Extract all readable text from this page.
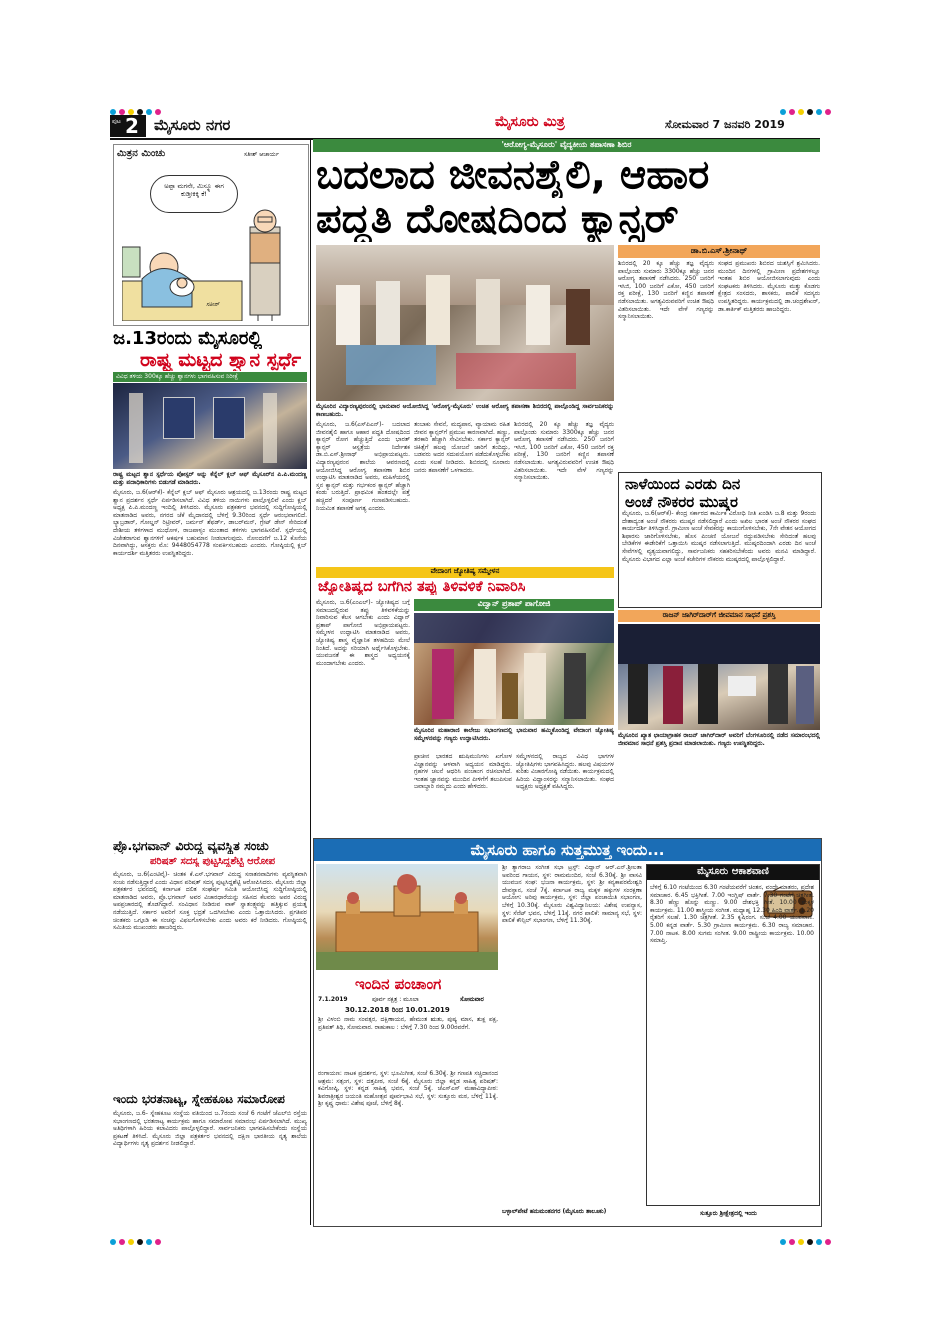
ಪುಟ 2 ಮೈಸೂರು ನಗರ	ಮೈಸೂರು ಮಿತ್ರ	ಸೋಮವಾರ 7 ಜನವರಿ 2019
ಮಿತ್ರನ ಮಿಂಚು	ಸತೀಶ್ ಆಚಾರ್ಯ
ಅಪ್ಪಾ ಮಗನೇ, ಮಿಸ್ಕ್ಯೂ ಈಗ ಕುಡ್ತೀಕಿಕ್ಕಿ ಕೆ!
ಸತೀಶ್
ಜ.13ರಂದು ಮೈಸೂರಲ್ಲಿ
ರಾಷ್ಟ್ರ ಮಟ್ಟದ ಶ್ವಾನ ಸ್ಪರ್ಧೆ
ವಿವಿಧ ತಳಿಯ 300ಕ್ಕೂ ಹೆಚ್ಚು ಶ್ವಾನಗಳು ಭಾಗವಹಿಸುವ ನಿರೀಕ್ಷೆ
ರಾಷ್ಟ್ರ ಮಟ್ಟದ ಶ್ವಾನ ಸ್ಪರ್ಧೆಯ ಪೋಸ್ಟರ್ ಅನ್ನು ಕೆನ್ನೆಲ್ ಕ್ಲಬ್ ಆಫ್ ಮೈಸೂರ್‌ನ ಪಿ.ಪಿ.ಮಂದಣ್ಣ ಮತ್ತು ಪದಾಧಿಕಾರಿಗಳು ಬಿಡುಗಡೆ ಮಾಡಿದರು.
ಮೈಸೂರು, ಜ.6(ಆರ್‌ಕೆ)- ಕೆನ್ನೆಲ್ ಕ್ಲಬ್ ಆಫ್ ಮೈಸೂರು ಆಶ್ರಯದಲ್ಲಿ ಜ.13ರಂದು ರಾಷ್ಟ್ರ ಮಟ್ಟದ ಶ್ವಾನ ಪ್ರದರ್ಶನ ಸ್ಪರ್ಧೆ ಏರ್ಪಡಿಸಲಾಗಿದೆ. ವಿವಿಧ ತಳಿಯ ನಾಯಿಗಳು ಪಾಲ್ಗೊಳ್ಳಲಿವೆ ಎಂದು ಕ್ಲಬ್ ಅಧ್ಯಕ್ಷ ಪಿ.ಪಿ.ಮಂದಣ್ಣ ಇಂದಿಲ್ಲಿ ತಿಳಿಸಿದರು. ಮೈಸೂರು ಪತ್ರಕರ್ತರ ಭವನದಲ್ಲಿ ಸುದ್ದಿಗೋಷ್ಠಿಯಲ್ಲಿ ಮಾತನಾಡಿದ ಅವರು, ನಗರದ ಜೆಕೆ ಮೈದಾನದಲ್ಲಿ ಬೆಳಿಗ್ಗೆ 9.30ರಿಂದ ಸ್ಪರ್ಧೆ ಆರಂಭವಾಗಲಿದೆ. ಲ್ಯಾಬ್ರಡಾರ್, ಗೋಲ್ಡನ್ ರಿಟ್ರೀವರ್, ಜರ್ಮನ್ ಶೆಫರ್ಡ್, ಡಾಬರ್‌ಮನ್, ಗ್ರೇಟ್ ಡೇನ್ ಸೇರಿದಂತೆ ದೇಶೀಯ ತಳಿಗಳಾದ ಮುಧೋಳ, ರಾಜಪಾಳ್ಯಂ ಮುಂತಾದ ತಳಿಗಳು ಭಾಗವಹಿಸಲಿವೆ. ಸ್ಪರ್ಧೆಯಲ್ಲಿ ವಿಜೇತರಾಗುವ ಶ್ವಾನಗಳಿಗೆ ಆಕರ್ಷಕ ಬಹುಮಾನ ನೀಡಲಾಗುವುದು. ನೋಂದಣಿಗೆ ಜ.12 ಕೊನೆಯ ದಿನವಾಗಿದ್ದು, ಆಸಕ್ತರು ಮೊ: 9448054778 ಸಂಪರ್ಕಿಸಬಹುದು ಎಂದರು. ಗೋಷ್ಠಿಯಲ್ಲಿ ಕ್ಲಬ್ ಕಾರ್ಯದರ್ಶಿ ಮತ್ತಿತರರು ಉಪಸ್ಥಿತರಿದ್ದರು.
ಪ್ರೊ.ಭಗವಾನ್ ವಿರುದ್ಧ ವ್ಯವಸ್ಥಿತ ಸಂಚು
ಪರಿಷತ್ ಸದಸ್ಯ ಪುಟ್ಟಸಿದ್ದಶೆಟ್ಟಿ ಆರೋಪ
ಮೈಸೂರು, ಜ.6(ಎಂಟಿವೈ)- ಚಿಂತಕ ಕೆ.ಎಸ್.ಭಗವಾನ್ ವಿರುದ್ಧ ಸನಾತನವಾದಿಗಳು ವ್ಯವಸ್ಥಿತವಾಗಿ ಸಂಚು ನಡೆಸುತ್ತಿದ್ದಾರೆ ಎಂದು ವಿಧಾನ ಪರಿಷತ್ ಸದಸ್ಯ ಪುಟ್ಟಸಿದ್ದಶೆಟ್ಟಿ ಆರೋಪಿಸಿದರು. ಮೈಸೂರು ಜಿಲ್ಲಾ ಪತ್ರಕರ್ತರ ಭವನದಲ್ಲಿ ಕರ್ನಾಟಕ ದಲಿತ ಸಂಘರ್ಷ ಸಮಿತಿ ಆಯೋಜಿಸಿದ್ದ ಸುದ್ದಿಗೋಷ್ಠಿಯಲ್ಲಿ ಮಾತನಾಡಿದ ಅವರು, ಪ್ರೊ.ಭಗವಾನ್ ಅವರ ವಿಚಾರಧಾರೆಯನ್ನು ಸಹಿಸದ ಕೆಲವರು ಅವರ ವಿರುದ್ಧ ಅಪಪ್ರಚಾರದಲ್ಲಿ ತೊಡಗಿದ್ದಾರೆ. ಸಂವಿಧಾನ ನೀಡಿರುವ ವಾಕ್ ಸ್ವಾತಂತ್ರ್ಯವನ್ನು ಹತ್ತಿಕ್ಕುವ ಪ್ರಯತ್ನ ನಡೆಯುತ್ತಿದೆ. ಸರ್ಕಾರ ಅವರಿಗೆ ಸೂಕ್ತ ಭದ್ರತೆ ಒದಗಿಸಬೇಕು ಎಂದು ಒತ್ತಾಯಿಸಿದರು. ಪ್ರಗತಿಪರ ಚಿಂತಕರು ಒಗ್ಗೂಡಿ ಈ ಸಂಚನ್ನು ವಿಫಲಗೊಳಿಸಬೇಕು ಎಂದು ಅವರು ಕರೆ ನೀಡಿದರು. ಗೋಷ್ಠಿಯಲ್ಲಿ ಸಮಿತಿಯ ಮುಖಂಡರು ಹಾಜರಿದ್ದರು.
ಇಂದು ಭರತನಾಟ್ಯ, ಸ್ನೇಹಕೂಟ ಸಮಾರೋಪ
ಮೈಸೂರು, ಜ.6- ಸ್ನೇಹಕೂಟ ಸಂಸ್ಥೆಯ ವತಿಯಿಂದ ಜ.7ರಂದು ಸಂಜೆ 6 ಗಂಟೆಗೆ ಜೆಎಲ್‌ಬಿ ರಸ್ತೆಯ ಸಭಾಂಗಣದಲ್ಲಿ ಭರತನಾಟ್ಯ ಕಾರ್ಯಕ್ರಮ ಹಾಗೂ ಸಮಾರೋಪ ಸಮಾರಂಭ ಏರ್ಪಡಿಸಲಾಗಿದೆ. ಮುಖ್ಯ ಅತಿಥಿಗಳಾಗಿ ಹಿರಿಯ ಕಲಾವಿದರು ಪಾಲ್ಗೊಳ್ಳಲಿದ್ದಾರೆ. ಸಾರ್ವಜನಿಕರು ಭಾಗವಹಿಸಬೇಕೆಂದು ಸಂಸ್ಥೆಯ ಪ್ರಕಟಣೆ ತಿಳಿಸಿದೆ. ಮೈಸೂರು ಜಿಲ್ಲಾ ಪತ್ರಕರ್ತರ ಭವನದಲ್ಲಿ ದಕ್ಷಿಣ ಭಾರತೀಯ ನೃತ್ಯ ಶಾಲೆಯ ವಿದ್ಯಾರ್ಥಿಗಳು ನೃತ್ಯ ಪ್ರದರ್ಶನ ನೀಡಲಿದ್ದಾರೆ.
'ಆರೋಗ್ಯ-ಮೈಸೂರು' ವೈದ್ಯಕೀಯ ತಪಾಸಣಾ ಶಿಬಿರ
ಬದಲಾದ ಜೀವನಶೈಲಿ, ಆಹಾರ
ಪದ್ಧತಿ ದೋಷದಿಂದ ಕ್ಯಾನ್ಸರ್
ಡಾ.ಬಿ.ಎಸ್.ಶ್ರೀನಾಥ್
ಶಿಬಿರದಲ್ಲಿ 20 ಕ್ಕೂ ಹೆಚ್ಚು ತಜ್ಞ ವೈದ್ಯರು ಪಾಲ್ಗೊಂಡು ಸುಮಾರು 3300ಕ್ಕೂ ಹೆಚ್ಚು ಜನರ ಆರೋಗ್ಯ ತಪಾಸಣೆ ನಡೆಸಿದರು. 250 ಜನರಿಗೆ ಇಸಿಜಿ, 100 ಜನರಿಗೆ ಎಕೋ, 450 ಜನರಿಗೆ ರಕ್ತ ಪರೀಕ್ಷೆ, 130 ಜನರಿಗೆ ಕಣ್ಣಿನ ತಪಾಸಣೆ ನಡೆಸಲಾಯಿತು. ಅಗತ್ಯವಿರುವವರಿಗೆ ಉಚಿತ ಔಷಧಿ ವಿತರಿಸಲಾಯಿತು. ಇದೇ ವೇಳೆ ಗಣ್ಯರನ್ನು ಸನ್ಮಾನಿಸಲಾಯಿತು.
ಸಂಘದ ಪ್ರಮುಖರು ಶಿಬಿರದ ಯಶಸ್ಸಿಗೆ ಶ್ರಮಿಸಿದರು. ಮುಂದಿನ ದಿನಗಳಲ್ಲಿ ಗ್ರಾಮೀಣ ಪ್ರದೇಶಗಳಲ್ಲೂ ಇಂತಹ ಶಿಬಿರ ಆಯೋಜಿಸಲಾಗುವುದು ಎಂದು ಸಂಘಟಕರು ತಿಳಿಸಿದರು. ಮೈಸೂರು ಮತ್ತು ಕೊಡಗು ಕ್ಷೇತ್ರದ ಸಂಸದರು, ಶಾಸಕರು, ಪಾಲಿಕೆ ಸದಸ್ಯರು ಉಪಸ್ಥಿತರಿದ್ದರು. ಕಾರ್ಯಕ್ರಮದಲ್ಲಿ ಡಾ.ಚಂದ್ರಶೇಖರ್, ಡಾ.ಕಾರ್ತಿಕ್ ಮತ್ತಿತರರು ಹಾಜರಿದ್ದರು.
ಮೈಸೂರಿನ ವಿದ್ಯಾರಣ್ಯಪುರಂನಲ್ಲಿ ಭಾನುವಾರ ಆಯೋಜಿಸಿದ್ದ 'ಆರೋಗ್ಯ-ಮೈಸೂರು' ಉಚಿತ ಆರೋಗ್ಯ ತಪಾಸಣಾ ಶಿಬಿರದಲ್ಲಿ ಪಾಲ್ಗೊಂಡಿದ್ದ ಸಾರ್ವಜನಿಕರನ್ನು ಕಾಣಬಹುದು.
ಮೈಸೂರು, ಜ.6(ಎಸ್‌ಪಿಎನ್)- ಬದಲಾದ ಜೀವನಶೈಲಿ ಹಾಗೂ ಆಹಾರ ಪದ್ಧತಿ ದೋಷದಿಂದ ಕ್ಯಾನ್ಸರ್ ರೋಗ ಹೆಚ್ಚುತ್ತಿದೆ ಎಂದು ಭಾರತ್ ಕ್ಯಾನ್ಸರ್ ಆಸ್ಪತ್ರೆಯ ನಿರ್ದೇಶಕ ಡಾ.ಬಿ.ಎಸ್.ಶ್ರೀನಾಥ್ ಅಭಿಪ್ರಾಯಪಟ್ಟರು. ವಿದ್ಯಾರಣ್ಯಪುರಂನ ಶಾಲೆಯ ಆವರಣದಲ್ಲಿ ಆಯೋಜಿಸಿದ್ದ ಆರೋಗ್ಯ ತಪಾಸಣಾ ಶಿಬಿರ ಉದ್ಘಾಟಿಸಿ ಮಾತನಾಡಿದ ಅವರು, ಮಹಿಳೆಯರಲ್ಲಿ ಸ್ತನ ಕ್ಯಾನ್ಸರ್ ಮತ್ತು ಗರ್ಭಕಂಠ ಕ್ಯಾನ್ಸರ್ ಹೆಚ್ಚಾಗಿ ಕಂಡು ಬರುತ್ತಿದೆ. ಪ್ರಾಥಮಿಕ ಹಂತದಲ್ಲೇ ಪತ್ತೆ ಹಚ್ಚಿದರೆ ಸಂಪೂರ್ಣ ಗುಣಪಡಿಸಬಹುದು. ನಿಯಮಿತ ತಪಾಸಣೆ ಅಗತ್ಯ ಎಂದರು.
ತಂಬಾಕು ಸೇವನೆ, ಮದ್ಯಪಾನ, ವ್ಯಾಯಾಮ ರಹಿತ ಜೀವನ ಕ್ಯಾನ್ಸರ್‌ಗೆ ಪ್ರಮುಖ ಕಾರಣವಾಗಿದೆ. ಹಣ್ಣು, ತರಕಾರಿ ಹೆಚ್ಚಾಗಿ ಸೇವಿಸಬೇಕು. ಸರ್ಕಾರ ಕ್ಯಾನ್ಸರ್ ಚಿಕಿತ್ಸೆಗೆ ಹಲವು ಯೋಜನೆ ಜಾರಿಗೆ ತಂದಿದ್ದು, ಬಡವರು ಅದರ ಸದುಪಯೋಗ ಪಡೆದುಕೊಳ್ಳಬೇಕು ಎಂದು ಸಲಹೆ ನೀಡಿದರು. ಶಿಬಿರದಲ್ಲಿ ನೂರಾರು ಜನರು ತಪಾಸಣೆಗೆ ಒಳಗಾದರು.
ಶಿಬಿರದಲ್ಲಿ 20 ಕ್ಕೂ ಹೆಚ್ಚು ತಜ್ಞ ವೈದ್ಯರು ಪಾಲ್ಗೊಂಡು ಸುಮಾರು 3300ಕ್ಕೂ ಹೆಚ್ಚು ಜನರ ಆರೋಗ್ಯ ತಪಾಸಣೆ ನಡೆಸಿದರು. 250 ಜನರಿಗೆ ಇಸಿಜಿ, 100 ಜನರಿಗೆ ಎಕೋ, 450 ಜನರಿಗೆ ರಕ್ತ ಪರೀಕ್ಷೆ, 130 ಜನರಿಗೆ ಕಣ್ಣಿನ ತಪಾಸಣೆ ನಡೆಸಲಾಯಿತು. ಅಗತ್ಯವಿರುವವರಿಗೆ ಉಚಿತ ಔಷಧಿ ವಿತರಿಸಲಾಯಿತು. ಇದೇ ವೇಳೆ ಗಣ್ಯರನ್ನು ಸನ್ಮಾನಿಸಲಾಯಿತು.
ವೇದಾಂಗ ಜ್ಯೋತಿಷ್ಯ ಸಮ್ಮೇಳನ
ಜ್ಯೋತಿಷ್ಯದ ಬಗೆಗಿನ ತಪ್ಪು ತಿಳಿವಳಿಕೆ ನಿವಾರಿಸಿ
ಮೈಸೂರು, ಜ.6(ಎಂಎಲ್)- ಜ್ಯೋತಿಷ್ಯದ ಬಗ್ಗೆ ಸಮಾಜದಲ್ಲಿರುವ ತಪ್ಪು ತಿಳಿವಳಿಕೆಯನ್ನು ನಿವಾರಿಸುವ ಕೆಲಸ ಆಗಬೇಕು ಎಂದು ವಿದ್ವಾನ್ ಪ್ರತಾಪ್ ಪಾಗೋಜಿ ಅಭಿಪ್ರಾಯಪಟ್ಟರು. ಸಮ್ಮೇಳನ ಉದ್ಘಾಟಿಸಿ ಮಾತನಾಡಿದ ಅವರು, ಜ್ಯೋತಿಷ್ಯ ಶಾಸ್ತ್ರ ವೈಜ್ಞಾನಿಕ ತಳಹದಿಯ ಮೇಲೆ ನಿಂತಿದೆ. ಅದನ್ನು ಸರಿಯಾಗಿ ಅರ್ಥೈಸಿಕೊಳ್ಳಬೇಕು. ಯುವಜನತೆ ಈ ಶಾಸ್ತ್ರದ ಅಧ್ಯಯನಕ್ಕೆ ಮುಂದಾಗಬೇಕು ಎಂದರು.
ವಿದ್ವಾನ್ ಪ್ರತಾಪ್ ಪಾಗೋಜಿ
ಮೈಸೂರಿನ ಮಹಾರಾಣಿ ಕಾಲೇಜು ಸಭಾಂಗಣದಲ್ಲಿ ಭಾನುವಾರ ಹಮ್ಮಿಕೊಂಡಿದ್ದ ವೇದಾಂಗ ಜ್ಯೋತಿಷ್ಯ ಸಮ್ಮೇಳನವನ್ನು ಗಣ್ಯರು ಉದ್ಘಾಟಿಸಿದರು.
ಪ್ರಾಚೀನ ಭಾರತದ ಋಷಿಮುನಿಗಳು ಖಗೋಳ ವಿಜ್ಞಾನವನ್ನು ಆಳವಾಗಿ ಅಧ್ಯಯನ ಮಾಡಿದ್ದರು. ಗ್ರಹಗಳ ಚಲನೆ ಆಧರಿಸಿ ಪಂಚಾಂಗ ರಚಿಸಲಾಗಿದೆ. ಇಂತಹ ಜ್ಞಾನವನ್ನು ಮುಂದಿನ ಪೀಳಿಗೆಗೆ ತಲುಪಿಸುವ ಜವಾಬ್ದಾರಿ ನಮ್ಮದು ಎಂದು ಹೇಳಿದರು.
ಸಮ್ಮೇಳನದಲ್ಲಿ ರಾಜ್ಯದ ವಿವಿಧ ಭಾಗಗಳ ಜ್ಯೋತಿಷಿಗಳು ಭಾಗವಹಿಸಿದ್ದರು. ಹಲವು ವಿಷಯಗಳ ಕುರಿತು ವಿಚಾರಗೋಷ್ಠಿ ನಡೆಯಿತು. ಕಾರ್ಯಕ್ರಮದಲ್ಲಿ ಹಿರಿಯ ವಿದ್ವಾಂಸರನ್ನು ಸನ್ಮಾನಿಸಲಾಯಿತು. ಸಂಘದ ಅಧ್ಯಕ್ಷರು ಅಧ್ಯಕ್ಷತೆ ವಹಿಸಿದ್ದರು.
ನಾಳೆಯಿಂದ ಎರಡು ದಿನ
ಅಂಚೆ ನೌಕರರ ಮುಷ್ಕರ
ಮೈಸೂರು, ಜ.6(ಆರ್‌ಕೆ)- ಕೇಂದ್ರ ಸರ್ಕಾರದ ಕಾರ್ಮಿಕ ವಿರೋಧಿ ನೀತಿ ಖಂಡಿಸಿ ಜ.8 ಮತ್ತು 9ರಂದು ದೇಶಾದ್ಯಂತ ಅಂಚೆ ನೌಕರರು ಮುಷ್ಕರ ನಡೆಸಲಿದ್ದಾರೆ ಎಂದು ಅಖಿಲ ಭಾರತ ಅಂಚೆ ನೌಕರರ ಸಂಘದ ಕಾರ್ಯದರ್ಶಿ ತಿಳಿಸಿದ್ದಾರೆ. ಗ್ರಾಮೀಣ ಅಂಚೆ ಸೇವಕರನ್ನು ಕಾಯಂಗೊಳಿಸಬೇಕು, 7ನೇ ವೇತನ ಆಯೋಗದ ಶಿಫಾರಸು ಜಾರಿಗೊಳಿಸಬೇಕು, ಹೊಸ ಪಿಂಚಣಿ ಯೋಜನೆ ರದ್ದುಪಡಿಸಬೇಕು ಸೇರಿದಂತೆ ಹಲವು ಬೇಡಿಕೆಗಳ ಈಡೇರಿಕೆಗೆ ಒತ್ತಾಯಿಸಿ ಮುಷ್ಕರ ನಡೆಸಲಾಗುತ್ತಿದೆ. ಮುಷ್ಕರದಿಂದಾಗಿ ಎರಡು ದಿನ ಅಂಚೆ ಸೇವೆಗಳಲ್ಲಿ ವ್ಯತ್ಯಯವಾಗಲಿದ್ದು, ಸಾರ್ವಜನಿಕರು ಸಹಕರಿಸಬೇಕೆಂದು ಅವರು ಮನವಿ ಮಾಡಿದ್ದಾರೆ. ಮೈಸೂರು ವಿಭಾಗದ ಎಲ್ಲಾ ಅಂಚೆ ಕಚೇರಿಗಳ ನೌಕರರು ಮುಷ್ಕರದಲ್ಲಿ ಪಾಲ್ಗೊಳ್ಳಲಿದ್ದಾರೆ.
ರಾಜನ್ ಜಾಗಿರ್‌ದಾರ್‌ಗೆ ಜೀವಮಾನ ಸಾಧನೆ ಪ್ರಶಸ್ತಿ
ಮೈಸೂರಿನ ಖ್ಯಾತ ಛಾಯಾಗ್ರಾಹಕ ರಾಜನ್ ಜಾಗಿರ್‌ದಾರ್ ಅವರಿಗೆ ಬೆಂಗಳೂರಿನಲ್ಲಿ ನಡೆದ ಸಮಾರಂಭದಲ್ಲಿ ಜೀವಮಾನ ಸಾಧನೆ ಪ್ರಶಸ್ತಿ ಪ್ರದಾನ ಮಾಡಲಾಯಿತು. ಗಣ್ಯರು ಉಪಸ್ಥಿತರಿದ್ದರು.
ಮೈಸೂರು ಹಾಗೂ ಸುತ್ತಮುತ್ತ ಇಂದು...
ಇಂದಿನ ಪಂಚಾಂಗ
7.1.2019	ಸೋಮವಾರ
ಪೂರ್ವ ನಕ್ಷತ್ರ : ಮೂಲಾ
30.12.2018 ರಿಂದ 10.01.2019
ಶ್ರೀ ವಿಳಂಬಿ ನಾಮ ಸಂವತ್ಸರ, ದಕ್ಷಿಣಾಯನ, ಹೇಮಂತ ಋತು, ಪುಷ್ಯ ಮಾಸ, ಶುಕ್ಲ ಪಕ್ಷ, ಪ್ರತಿಪತ್ ತಿಥಿ, ಸೋಮವಾರ. ರಾಹುಕಾಲ : ಬೆಳಿಗ್ಗೆ 7.30 ರಿಂದ 9.00ರವರೆಗೆ.
ರಂಗಾಯಣ: ನಾಟಕ ಪ್ರದರ್ಶನ, ಸ್ಥಳ: ಭೂಮಿಗೀತ, ಸಂಜೆ 6.30ಕ್ಕೆ. ಶ್ರೀ ಗಣಪತಿ ಸಚ್ಚಿದಾನಂದ ಆಶ್ರಮ: ಸತ್ಸಂಗ, ಸ್ಥಳ: ದತ್ತಪೀಠ, ಸಂಜೆ 6ಕ್ಕೆ. ಮೈಸೂರು ಜಿಲ್ಲಾ ಕನ್ನಡ ಸಾಹಿತ್ಯ ಪರಿಷತ್: ಕವಿಗೋಷ್ಠಿ, ಸ್ಥಳ: ಕನ್ನಡ ಸಾಹಿತ್ಯ ಭವನ, ಸಂಜೆ 5ಕ್ಕೆ. ಜೆಎಸ್‌ಎಸ್ ಮಹಾವಿದ್ಯಾಪೀಠ: ಶಿವರಾತ್ರೀಶ್ವರ ಜಯಂತಿ ಮಹೋತ್ಸವ ಪೂರ್ವಭಾವಿ ಸಭೆ, ಸ್ಥಳ: ಸುತ್ತೂರು ಮಠ, ಬೆಳಿಗ್ಗೆ 11ಕ್ಕೆ. ಶ್ರೀ ಕೃಷ್ಣ ಧಾಮ: ವಿಶೇಷ ಪೂಜೆ, ಬೆಳಿಗ್ಗೆ 8ಕ್ಕೆ.
ಶ್ರೀ ತ್ಯಾಗರಾಜ ಸಂಗೀತ ಸಭಾ ಟ್ರಸ್ಟ್: ವಿದ್ವಾನ್ ಆರ್.ಎನ್.ಶ್ರೀಲತಾ ಅವರಿಂದ ಗಾಯನ, ಸ್ಥಳ: ರಾಮಮಂದಿರ, ಸಂಜೆ 6.30ಕ್ಕೆ. ಶ್ರೀ ವಾಸವಿ ಯುವಜನ ಸಂಘ: ಭಜನಾ ಕಾರ್ಯಕ್ರಮ, ಸ್ಥಳ: ಶ್ರೀ ಕನ್ಯಕಾಪರಮೇಶ್ವರಿ ದೇವಸ್ಥಾನ, ಸಂಜೆ 7ಕ್ಕೆ. ಕರ್ನಾಟಕ ರಾಜ್ಯ ಮಕ್ಕಳ ಹಕ್ಕುಗಳ ಸಂರಕ್ಷಣಾ ಆಯೋಗ: ಅರಿವು ಕಾರ್ಯಕ್ರಮ, ಸ್ಥಳ: ಜಿಲ್ಲಾ ಪಂಚಾಯಿತಿ ಸಭಾಂಗಣ, ಬೆಳಿಗ್ಗೆ 10.30ಕ್ಕೆ. ಮೈಸೂರು ವಿಶ್ವವಿದ್ಯಾನಿಲಯ: ವಿಶೇಷ ಉಪನ್ಯಾಸ, ಸ್ಥಳ: ಸೆನೆಟ್ ಭವನ, ಬೆಳಿಗ್ಗೆ 11ಕ್ಕೆ. ನಗರ ಪಾಲಿಕೆ: ಸಾಮಾನ್ಯ ಸಭೆ, ಸ್ಥಳ: ಪಾಲಿಕೆ ಕೌನ್ಸಿಲ್ ಸಭಾಂಗಣ, ಬೆಳಿಗ್ಗೆ 11.30ಕ್ಕೆ.
ಬಳ್ಳಾಲ್‌ಪೇಟೆ ಹನುಮಂತನಗರ (ಮೈಸೂರು ತಾಲೂಕು)
ಮೈಸೂರು ಆಕಾಶವಾಣಿ
ಬೆಳಿಗ್ಗೆ 6.10 ಗಂಟೆಯಿಂದ 6.30 ಗಂಟೆಯವರೆಗೆ ಚಿಂತನ, ವಂದೇ ಮಾತರಂ, ಪ್ರದೇಶ ಸಮಾಚಾರ. 6.45 ಭಕ್ತಿಗೀತೆ. 7.00 ಇಂಗ್ಲಿಷ್ ವಾರ್ತೆ. 7.30 ಗಂಟೆಗೆ ಚಿತ್ರಗೀತೆ. 8.30 ಹೆಣ್ಣು ಹೊನ್ನು ಮಣ್ಣು. 9.00 ದೇಶಭಕ್ತಿ ಗೀತೆ. 10.00 ಮಕ್ಕಳ ಕಾರ್ಯಕ್ರಮ. 11.00 ಶಾಸ್ತ್ರೀಯ ಸಂಗೀತ. ಮಧ್ಯಾಹ್ನ 12.30 ಹಿಂದಿ ವಾರ್ತೆ. 1.20 ರೈತರಿಗೆ ಸಲಹೆ. 1.30 ಚಿತ್ರಗೀತೆ. 2.35 ಕೃಷಿರಂಗ. ಸಂಜೆ 4.00 ಯುವವಾಣಿ. 5.00 ಕನ್ನಡ ವಾರ್ತೆ. 5.30 ಗ್ರಾಮೀಣ ಕಾರ್ಯಕ್ರಮ. 6.30 ರಾಜ್ಯ ಸಮಾಚಾರ. 7.00 ನಾಟಕ. 8.00 ಸುಗಮ ಸಂಗೀತ. 9.00 ರಾಷ್ಟ್ರೀಯ ಕಾರ್ಯಕ್ರಮ. 10.00 ಸಮಾಪ್ತಿ.
ಸುತ್ತೂರು ಶ್ರೀಕ್ಷೇತ್ರದಲ್ಲಿ ಇಂದು
